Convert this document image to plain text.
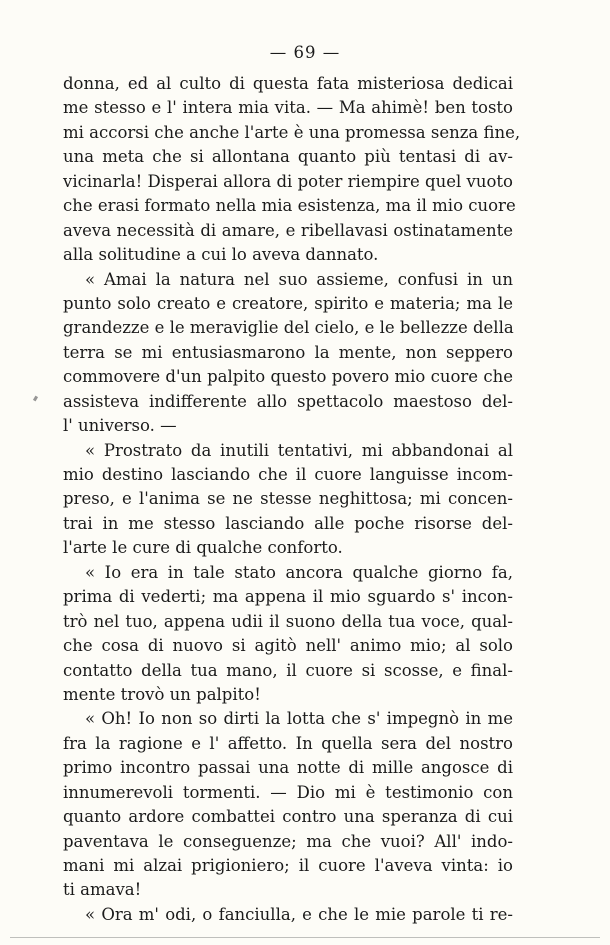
— 69 —
donna, ed al culto di questa fata misteriosa dedicai
me stesso e l' intera mia vita. — Ma ahimè! ben tosto
mi accorsi che anche l'arte è una promessa senza fine,
una meta che si allontana quanto più tentasi di av-
vicinarla! Disperai allora di poter riempire quel vuoto
che erasi formato nella mia esistenza, ma il mio cuore
aveva necessità di amare, e ribellavasi ostinatamente
alla solitudine a cui lo aveva dannato.
« Amai la natura nel suo assieme, confusi in un
punto solo creato e creatore, spirito e materia; ma le
grandezze e le meraviglie del cielo, e le bellezze della
terra se mi entusiasmarono la mente, non seppero
commovere d'un palpito questo povero mio cuore che
assisteva indifferente allo spettacolo maestoso del-
l' universo. —
« Prostrato da inutili tentativi, mi abbandonai al
mio destino lasciando che il cuore languisse incom-
preso, e l'anima se ne stesse neghittosa; mi concen-
trai in me stesso lasciando alle poche risorse del-
l'arte le cure di qualche conforto.
« Io era in tale stato ancora qualche giorno fa,
prima di vederti; ma appena il mio sguardo s' incon-
trò nel tuo, appena udii il suono della tua voce, qual-
che cosa di nuovo si agitò nell' animo mio; al solo
contatto della tua mano, il cuore si scosse, e final-
mente trovò un palpito!
« Oh! Io non so dirti la lotta che s' impegnò in me
fra la ragione e l' affetto. In quella sera del nostro
primo incontro passai una notte di mille angosce di
innumerevoli tormenti. — Dio mi è testimonio con
quanto ardore combattei contro una speranza di cui
paventava le conseguenze; ma che vuoi? All' indo-
mani mi alzai prigioniero; il cuore l'aveva vinta: io
ti amava!
« Ora m' odi, o fanciulla, e che le mie parole ti re-
